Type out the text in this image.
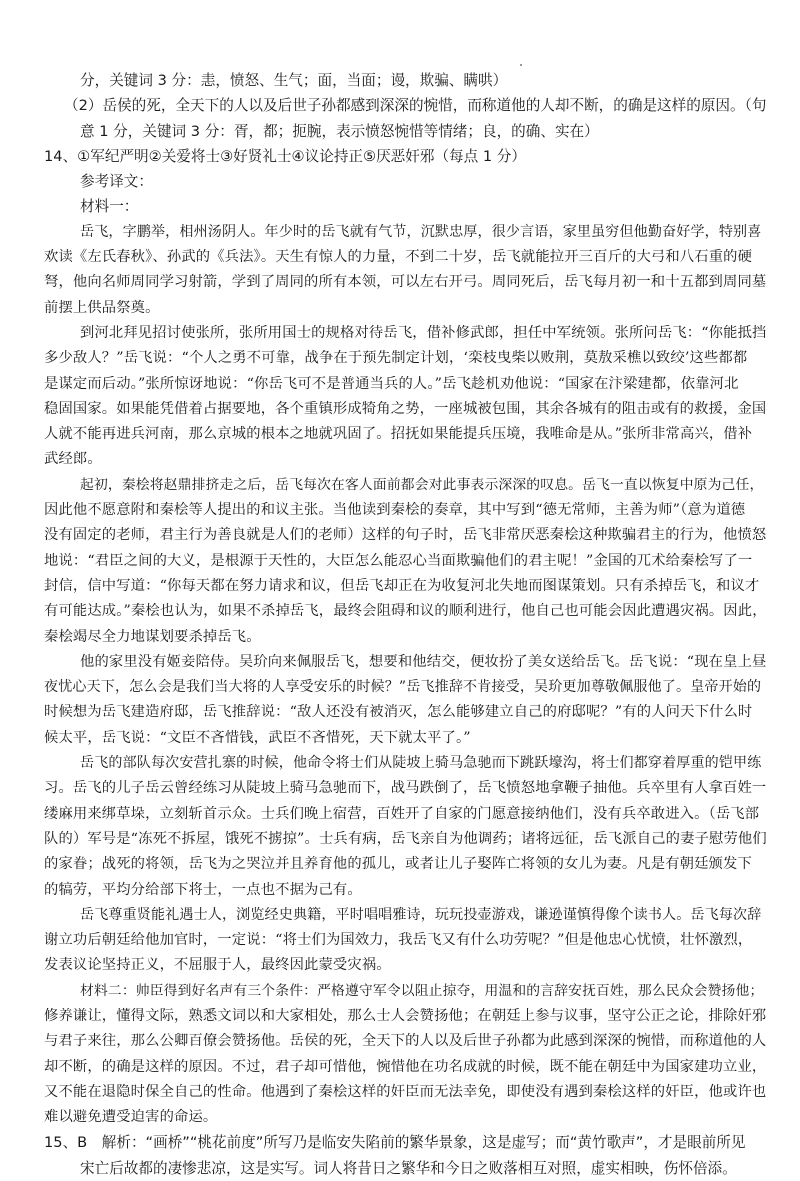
分，关键词 3 分：恚，愤怒、生气；面，当面；谩，欺骗、瞒哄）
（2）岳侯的死，全天下的人以及后世子孙都感到深深的惋惜，而称道他的人却不断，的确是这样的原因。（句
意 1 分，关键词 3 分：胥，都；扼腕，表示愤怒惋惜等情绪；良，的确、实在）
14、①军纪严明②关爱将士③好贤礼士④议论持正⑤厌恶奸邪（每点 1 分）
参考译文：
材料一：
岳飞，字鹏举，相州汤阴人。年少时的岳飞就有气节，沉默忠厚，很少言语，家里虽穷但他勤奋好学，特别喜
欢读《左氏春秋》、孙武的《兵法》。天生有惊人的力量，不到二十岁，岳飞就能拉开三百斤的大弓和八石重的硬
弩，他向名师周同学习射箭，学到了周同的所有本领，可以左右开弓。周同死后，岳飞每月初一和十五都到周同墓
前摆上供品祭奠。
到河北拜见招讨使张所，张所用国士的规格对待岳飞，借补修武郎，担任中军统领。张所问岳飞：“你能抵挡
多少敌人？”岳飞说：“个人之勇不可靠，战争在于预先制定计划，‘栾枝曳柴以败荆，莫敖采樵以致绞’这些都都
是谋定而后动。”张所惊讶地说：“你岳飞可不是普通当兵的人。”岳飞趁机劝他说：“国家在汴梁建都，依靠河北
稳固国家。如果能凭借着占据要地，各个重镇形成犄角之势，一座城被包围，其余各城有的阻击或有的救援，金国
人就不能再进兵河南，那么京城的根本之地就巩固了。招抚如果能提兵压境，我唯命是从。”张所非常高兴，借补
武经郎。
起初，秦桧将赵鼎排挤走之后，岳飞每次在客人面前都会对此事表示深深的叹息。岳飞一直以恢复中原为己任，
因此他不愿意附和秦桧等人提出的和议主张。当他读到秦桧的奏章，其中写到“德无常师，主善为师”（意为道德
没有固定的老师，君主行为善良就是人们的老师）这样的句子时，岳飞非常厌恶秦桧这种欺骗君主的行为，他愤怒
地说：“君臣之间的大义，是根源于天性的，大臣怎么能忍心当面欺骗他们的君主呢！”金国的兀术给秦桧写了一
封信，信中写道：“你每天都在努力请求和议，但岳飞却正在为收复河北失地而图谋策划。只有杀掉岳飞，和议才
有可能达成。”秦桧也认为，如果不杀掉岳飞，最终会阻碍和议的顺利进行，他自己也可能会因此遭遇灾祸。因此，
秦桧竭尽全力地谋划要杀掉岳飞。
他的家里没有姬妾陪侍。吴玠向来佩服岳飞，想要和他结交，便妆扮了美女送给岳飞。岳飞说：“现在皇上昼
夜忧心天下，怎么会是我们当大将的人享受安乐的时候？”岳飞推辞不肯接受，吴玠更加尊敬佩服他了。皇帝开始的
时候想为岳飞建造府邸，岳飞推辞说：“敌人还没有被消灭，怎么能够建立自己的府邸呢？”有的人问天下什么时
候太平，岳飞说：“文臣不吝惜钱，武臣不吝惜死，天下就太平了。”
岳飞的部队每次安营扎寨的时候，他命令将士们从陡坡上骑马急驰而下跳跃壕沟，将士们都穿着厚重的铠甲练
习。岳飞的儿子岳云曾经练习从陡坡上骑马急驰而下，战马跌倒了，岳飞愤怒地拿鞭子抽他。兵卒里有人拿百姓一
缕麻用来绑草垛，立刻斩首示众。士兵们晚上宿营，百姓开了自家的门愿意接纳他们，没有兵卒敢进入。（岳飞部
队的）军号是“冻死不拆屋，饿死不掳掠”。士兵有病，岳飞亲自为他调药；诸将远征，岳飞派自己的妻子慰劳他们
的家眷；战死的将领，岳飞为之哭泣并且养育他的孤儿，或者让儿子娶阵亡将领的女儿为妻。凡是有朝廷颁发下
的犒劳，平均分给部下将士，一点也不据为己有。
岳飞尊重贤能礼遇士人，浏览经史典籍，平时唱唱雅诗，玩玩投壶游戏，谦逊谨慎得像个读书人。岳飞每次辞
谢立功后朝廷给他加官时，一定说：“将士们为国效力，我岳飞又有什么功劳呢？”但是他忠心忧愤，壮怀激烈，
发表议论坚持正义，不屈服于人，最终因此蒙受灾祸。
材料二：帅臣得到好名声有三个条件：严格遵守军令以阻止掠夺，用温和的言辞安抚百姓，那么民众会赞扬他；
修养谦让，懂得文际，熟悉文词以和大家相处，那么士人会赞扬他；在朝廷上参与议事，坚守公正之论，排除奸邪
与君子来往，那么公卿百僚会赞扬他。岳侯的死，全天下的人以及后世子孙都为此感到深深的惋惜，而称道他的人
却不断，的确是这样的原因。不过，君子却可惜他，惋惜他在功名成就的时候，既不能在朝廷中为国家建功立业，
又不能在退隐时保全自己的性命。他遇到了秦桧这样的奸臣而无法幸免，即使没有遇到秦桧这样的奸臣，他或许也
难以避免遭受迫害的命运。
15、B　解析：“画桥”“桃花前度”所写乃是临安失陷前的繁华景象，这是虚写；而“黄竹歌声”，才是眼前所见
宋亡后故都的凄惨悲凉，这是实写。词人将昔日之繁华和今日之败落相互对照，虚实相映，伤怀倍添。
